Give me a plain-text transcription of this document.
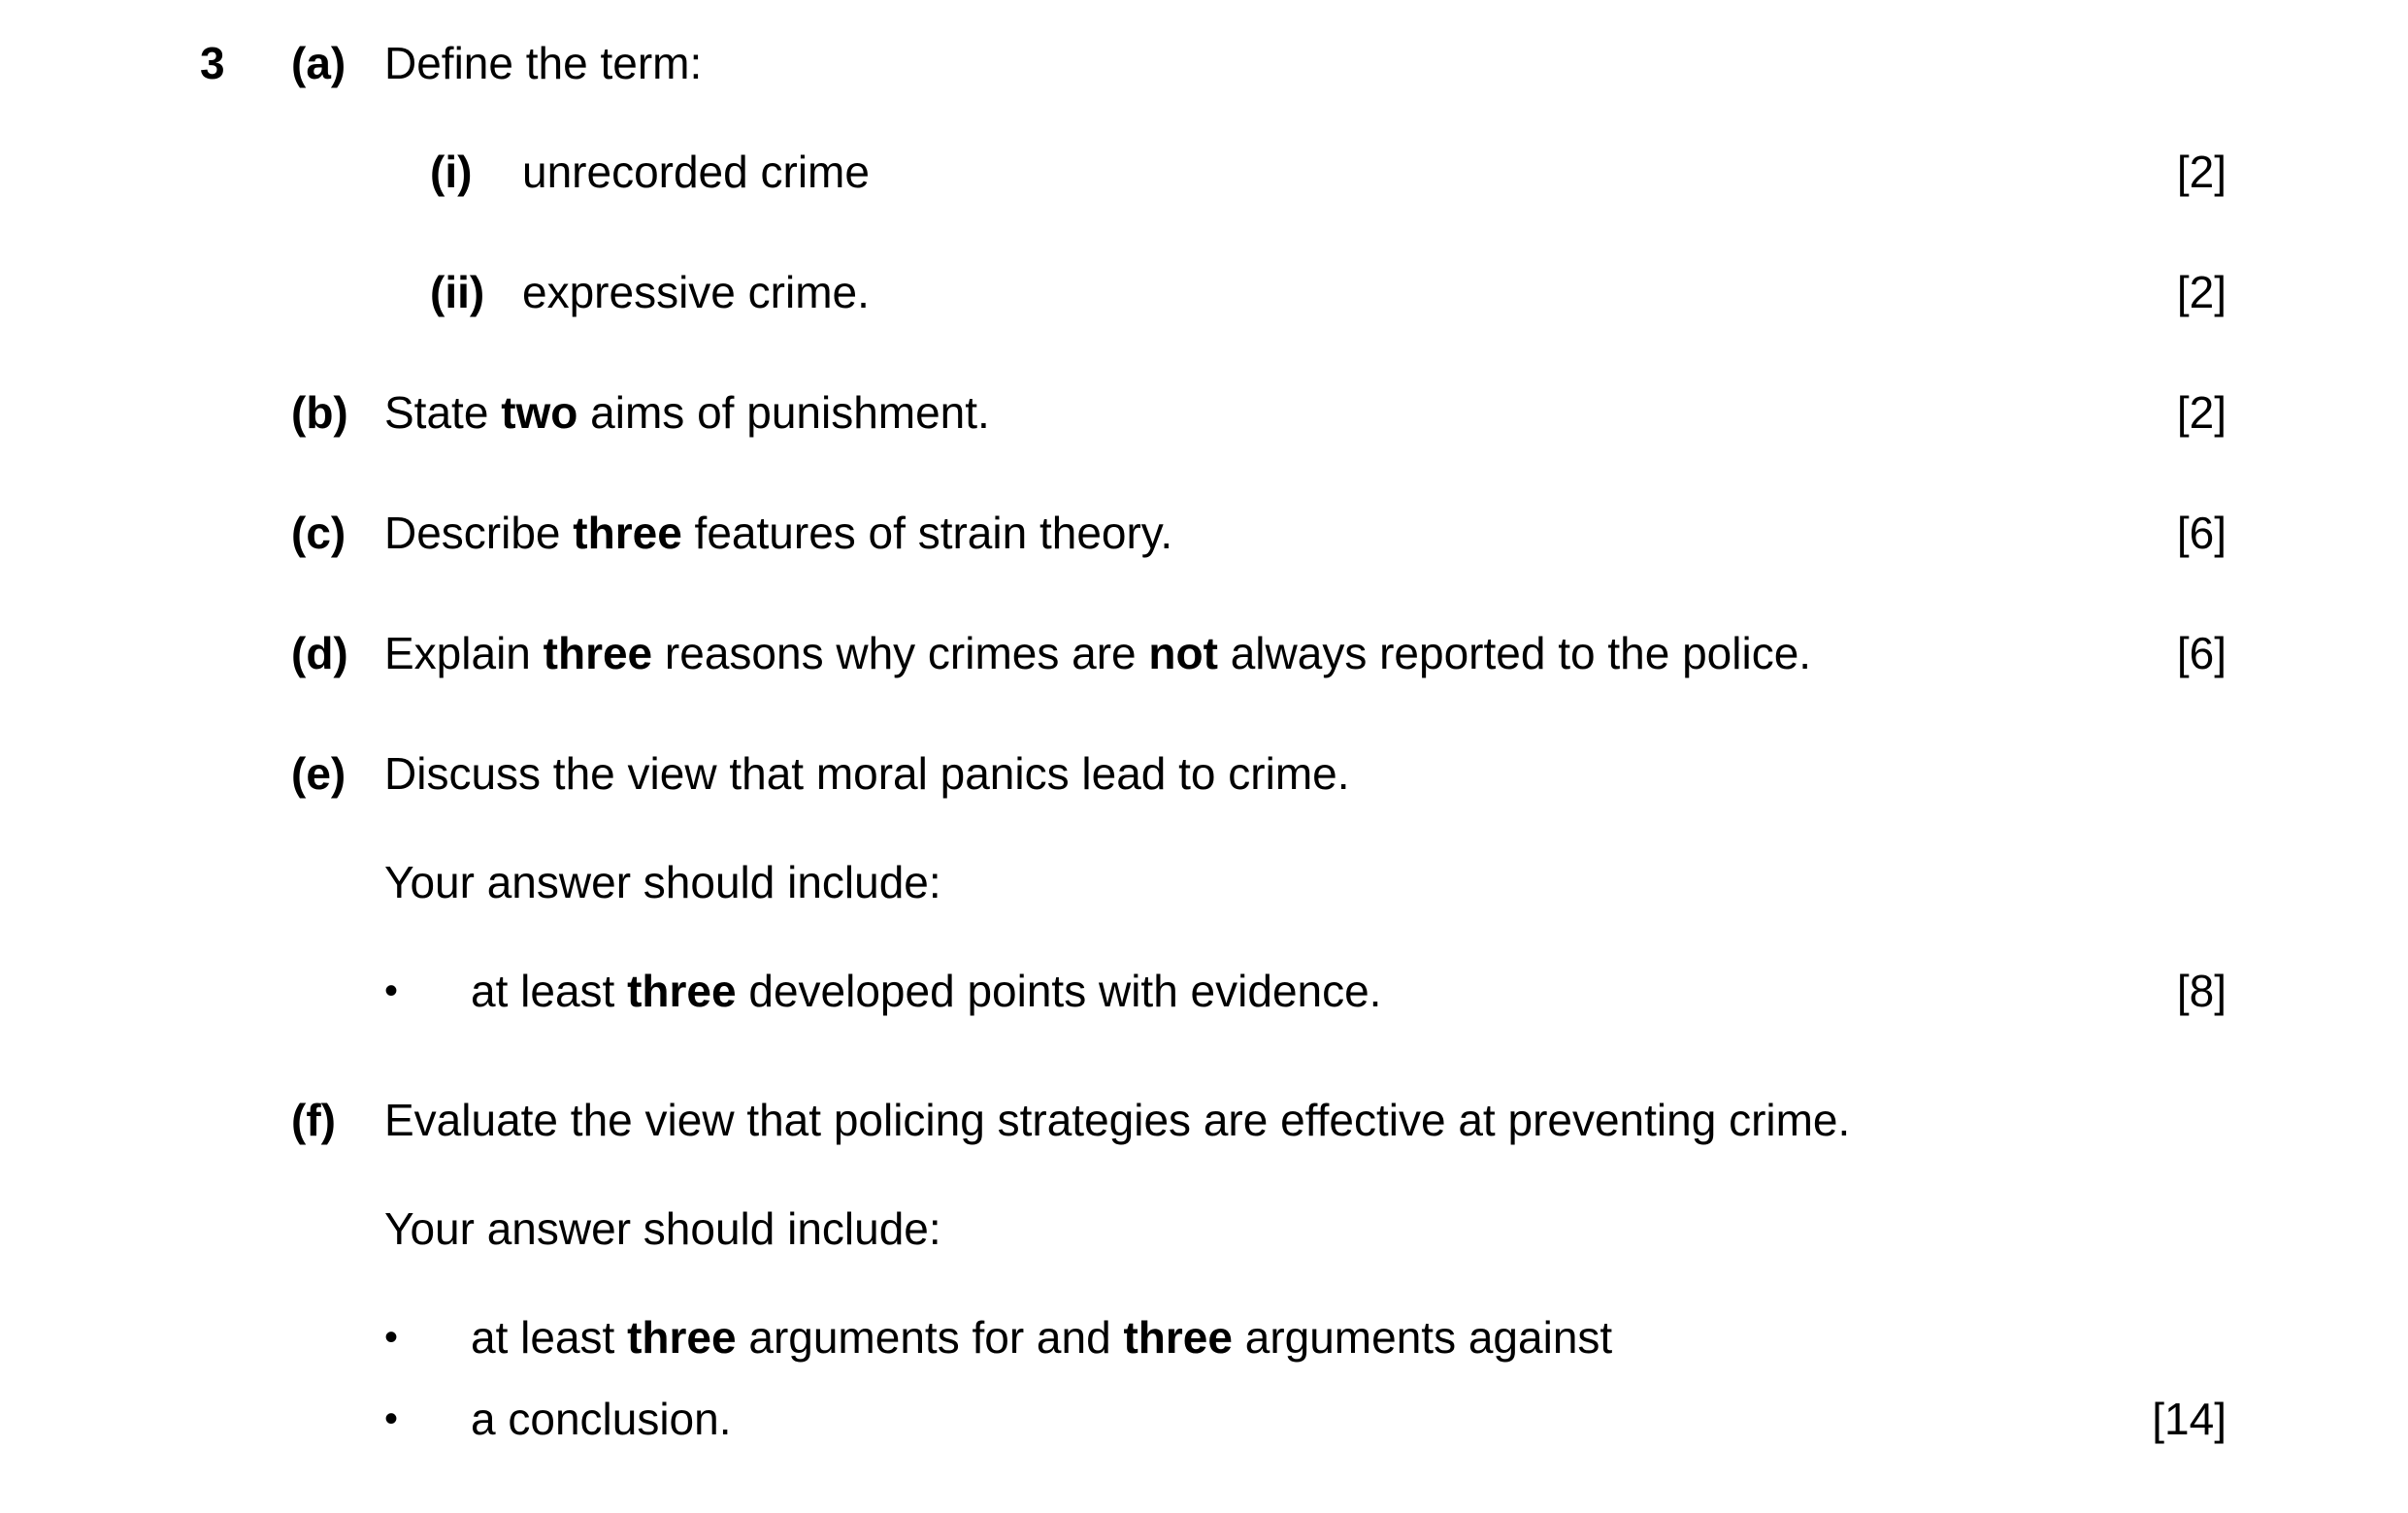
3 (a) Define the term:
(i) unrecorded crime	[2]
(ii) expressive crime.	[2]
(b) State two aims of punishment.	[2]
(c) Describe three features of strain theory.	[6]
(d) Explain three reasons why crimes are not always reported to the police.	[6]
(e) Discuss the view that moral panics lead to crime.
Your answer should include:
• at least three developed points with evidence.	[8]
(f) Evaluate the view that policing strategies are effective at preventing crime.
Your answer should include:
• at least three arguments for and three arguments against
• a conclusion.	[14]
